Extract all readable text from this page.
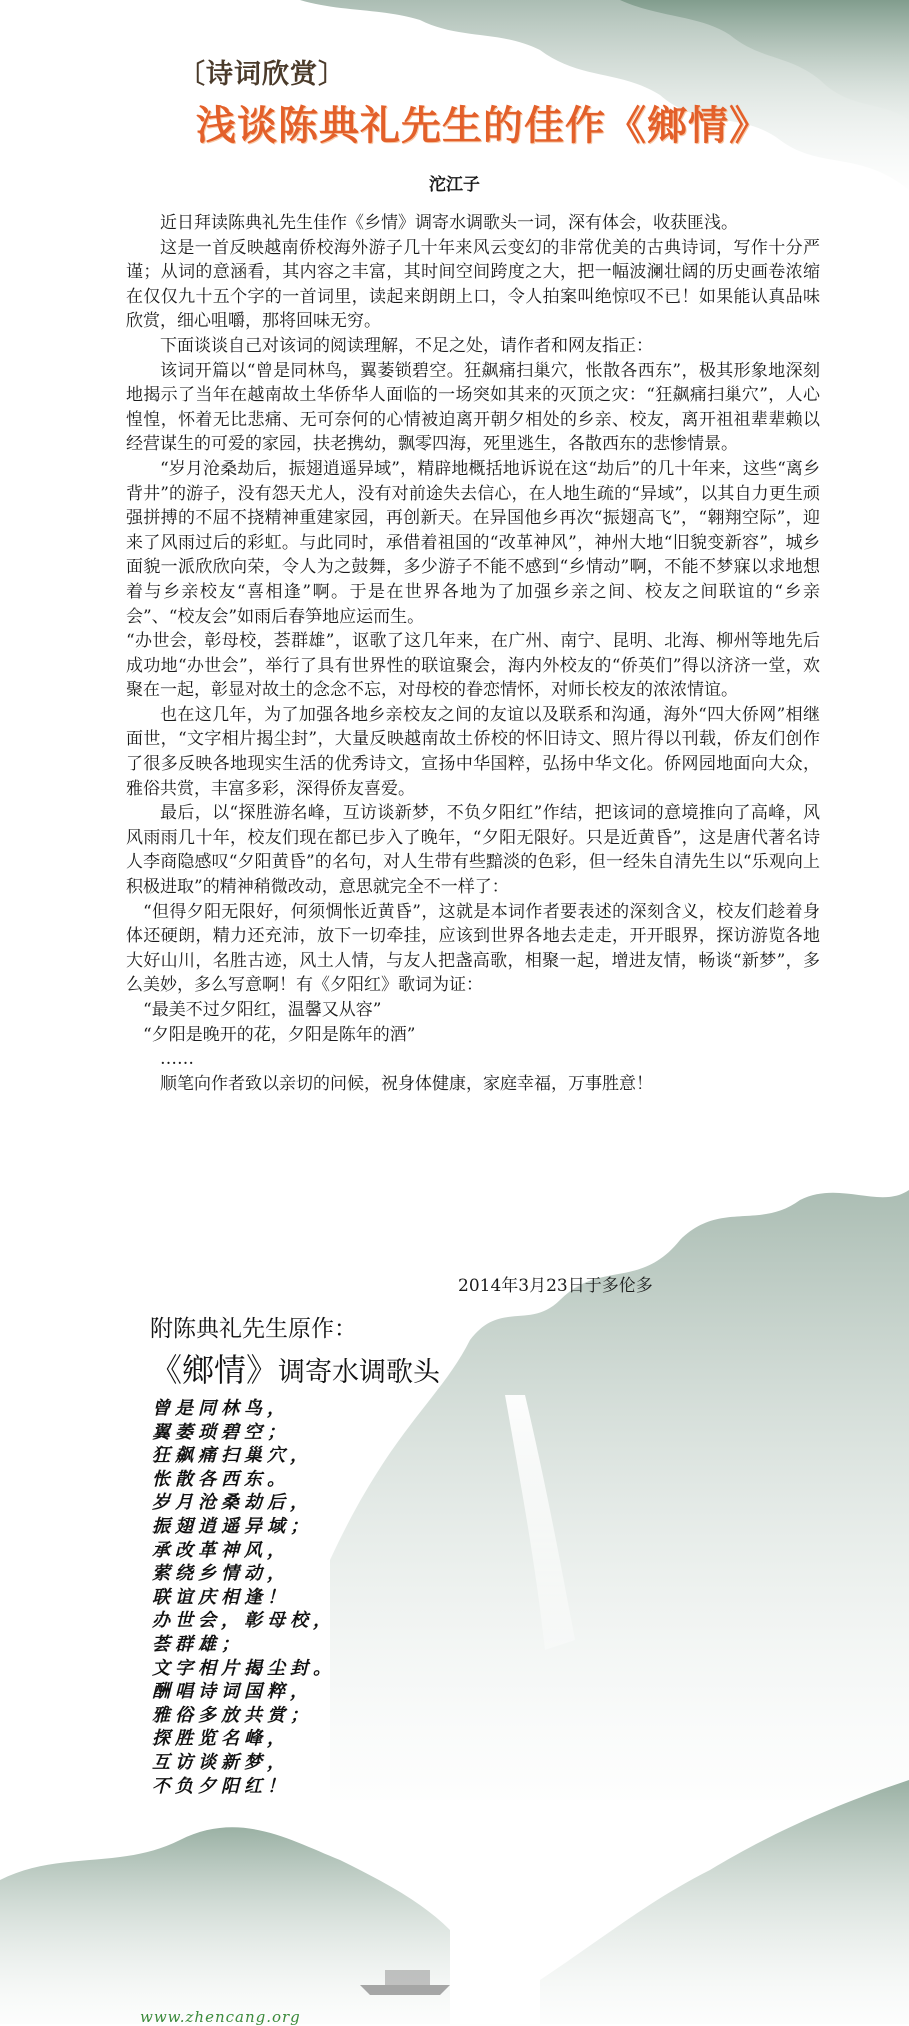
〔诗词欣赏〕
浅谈陈典礼先生的佳作《鄉情》
沱江子

近日拜读陈典礼先生佳作《乡情》调寄水调歌头一词，深有体会，收获匪浅。

这是一首反映越南侨校海外游子几十年来风云变幻的非常优美的古典诗词，写作十分严谨；从词的意涵看，其内容之丰富，其时间空间跨度之大，把一幅波澜壮阔的历史画卷浓缩在仅仅九十五个字的一首词里，读起来朗朗上口，令人拍案叫绝惊叹不已！如果能认真品味欣赏，细心咀嚼，那将回味无穷。

下面谈谈自己对该词的阅读理解，不足之处，请作者和网友指正：

该词开篇以“曾是同林鸟，翼萎锁碧空。狂飙痛扫巢穴，怅散各西东”，极其形象地深刻地揭示了当年在越南故土华侨华人面临的一场突如其来的灭顶之灾：“狂飙痛扫巢穴”，人心惶惶，怀着无比悲痛、无可奈何的心情被迫离开朝夕相处的乡亲、校友，离开祖祖辈辈赖以经营谋生的可爱的家园，扶老携幼，飘零四海，死里逃生，各散西东的悲惨情景。

“岁月沧桑劫后，振翅逍遥异域”，精辟地概括地诉说在这“劫后”的几十年来，这些“离乡背井”的游子，没有怨天尤人，没有对前途失去信心，在人地生疏的“异域”，以其自力更生顽强拼搏的不屈不挠精神重建家园，再创新天。在异国他乡再次“振翅高飞”，“翱翔空际”，迎来了风雨过后的彩虹。与此同时，承借着祖国的“改革神风”，神州大地“旧貌变新容”，城乡面貌一派欣欣向荣，令人为之鼓舞，多少游子不能不感到“乡情动”啊，不能不梦寐以求地想着与乡亲校友“喜相逢”啊。于是在世界各地为了加强乡亲之间、校友之间联谊的“乡亲会”、“校友会”如雨后春笋地应运而生。

“办世会，彰母校，荟群雄”，讴歌了这几年来，在广州、南宁、昆明、北海、柳州等地先后成功地“办世会”，举行了具有世界性的联谊聚会，海内外校友的“侨英们”得以济济一堂，欢聚在一起，彰显对故土的念念不忘，对母校的眷恋情怀，对师长校友的浓浓情谊。

也在这几年，为了加强各地乡亲校友之间的友谊以及联系和沟通，海外“四大侨网”相继面世，“文字相片揭尘封”，大量反映越南故土侨校的怀旧诗文、照片得以刊载，侨友们创作了很多反映各地现实生活的优秀诗文，宣扬中华国粹，弘扬中华文化。侨网园地面向大众，雅俗共赏，丰富多彩，深得侨友喜爱。

最后，以“探胜游名峰，互访谈新梦，不负夕阳红”作结，把该词的意境推向了高峰，风风雨雨几十年，校友们现在都已步入了晚年，“夕阳无限好。只是近黄昏”，这是唐代著名诗人李商隐感叹“夕阳黄昏”的名句，对人生带有些黯淡的色彩，但一经朱自清先生以“乐观向上积极进取”的精神稍微改动，意思就完全不一样了：

“但得夕阳无限好，何须惆怅近黄昏”，这就是本词作者要表述的深刻含义，校友们趁着身体还硬朗，精力还充沛，放下一切牵挂，应该到世界各地去走走，开开眼界，探访游览各地大好山川，名胜古迹，风土人情，与友人把盏高歌，相聚一起，增进友情，畅谈“新梦”，多么美妙，多么写意啊！有《夕阳红》歌词为证：

“最美不过夕阳红，温馨又从容”

“夕阳是晚开的花，夕阳是陈年的酒”

……

顺笔向作者致以亲切的问候，祝身体健康，家庭幸福，万事胜意！

2014年3月23日于多伦多
附陈典礼先生原作：
《鄉情》调寄水调歌头
曾是同林鸟，
翼萎琐碧空；
狂飙痛扫巢穴，
怅散各西东。
岁月沧桑劫后，
振翅逍遥异域；
承改革神风，
萦绕乡情动，
联谊庆相逢！
办世会，彰母校，
荟群雄；
文字相片揭尘封。
酬唱诗词国粹，
雅俗多放共赏；
探胜览名峰，
互访谈新梦，
不负夕阳红！
www.zhencang.org
